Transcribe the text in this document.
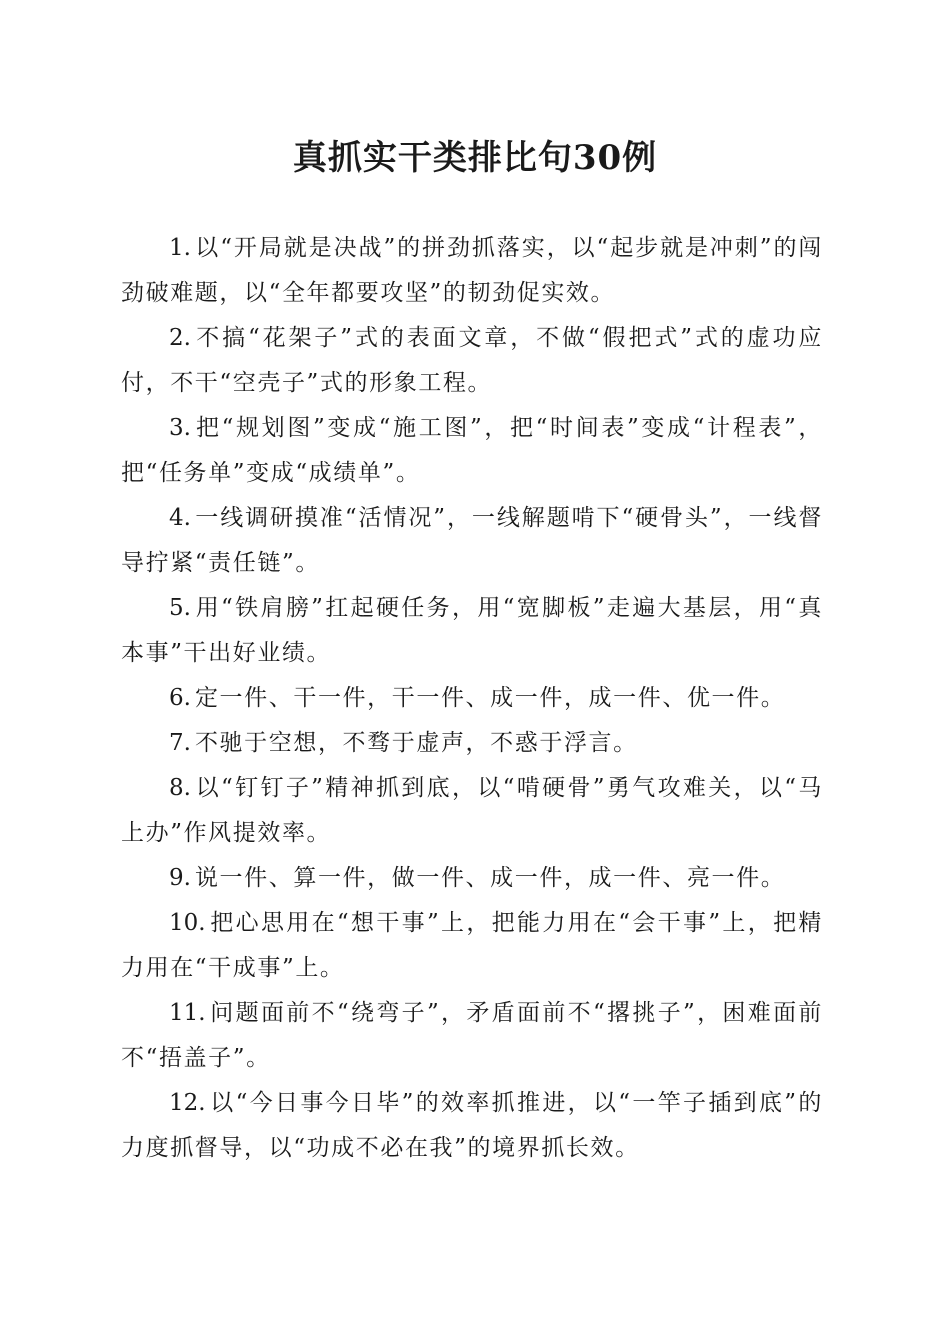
真抓实干类排比句30例

1. 以“开局就是决战”的拼劲抓落实，以“起步就是冲刺”的闯劲破难题，以“全年都要攻坚”的韧劲促实效。

2. 不搞“花架子”式的表面文章，不做“假把式”式的虚功应付，不干“空壳子”式的形象工程。

3. 把“规划图”变成“施工图”，把“时间表”变成“计程表”，把“任务单”变成“成绩单”。

4. 一线调研摸准“活情况”，一线解题啃下“硬骨头”，一线督导拧紧“责任链”。

5. 用“铁肩膀”扛起硬任务，用“宽脚板”走遍大基层，用“真本事”干出好业绩。

6. 定一件、干一件，干一件、成一件，成一件、优一件。

7. 不驰于空想，不骛于虚声，不惑于浮言。

8. 以“钉钉子”精神抓到底，以“啃硬骨”勇气攻难关，以“马上办”作风提效率。

9. 说一件、算一件，做一件、成一件，成一件、亮一件。

10. 把心思用在“想干事”上，把能力用在“会干事”上，把精力用在“干成事”上。

11. 问题面前不“绕弯子”，矛盾面前不“撂挑子”，困难面前不“捂盖子”。

12. 以“今日事今日毕”的效率抓推进，以“一竿子插到底”的力度抓督导，以“功成不必在我”的境界抓长效。
